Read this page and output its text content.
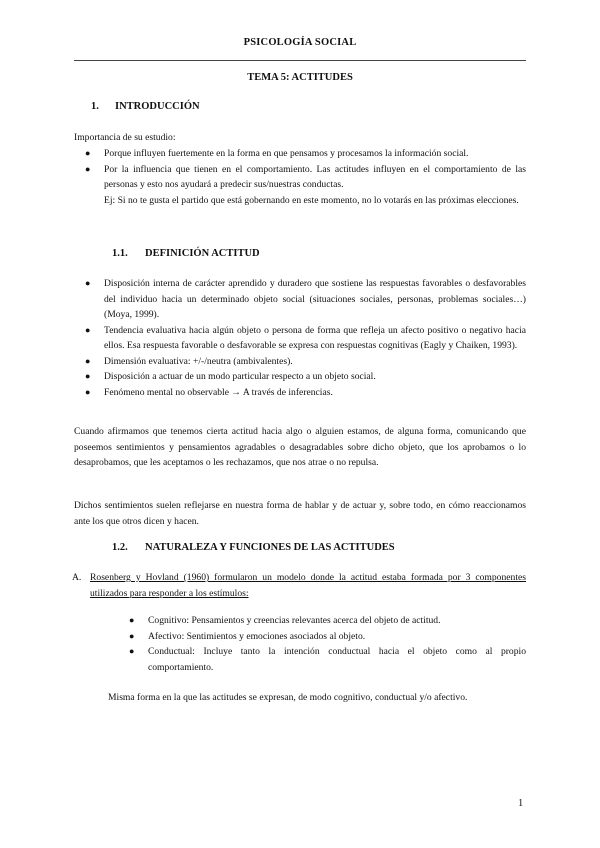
PSICOLOGÍA SOCIAL
TEMA 5: ACTITUDES
1. INTRODUCCIÓN

Importancia de su estudio:

● Porque influyen fuertemente en la forma en que pensamos y procesamos la información social.
● Por la influencia que tienen en el comportamiento. Las actitudes influyen en el comportamiento de las personas y esto nos ayudará a predecir sus/nuestras conductas.
Ej: Si no te gusta el partido que está gobernando en este momento, no lo votarás en las próximas elecciones.
1.1. DEFINICIÓN ACTITUD
● Disposición interna de carácter aprendido y duradero que sostiene las respuestas favorables o desfavorables del individuo hacia un determinado objeto social (situaciones sociales, personas, problemas sociales…) (Moya, 1999).
● Tendencia evaluativa hacia algún objeto o persona de forma que refleja un afecto positivo o negativo hacia ellos. Esa respuesta favorable o desfavorable se expresa con respuestas cognitivas (Eagly y Chaiken, 1993).
● Dimensión evaluativa: +/-/neutra (ambivalentes).
● Disposición a actuar de un modo particular respecto a un objeto social.
● Fenómeno mental no observable → A través de inferencias.

Cuando afirmamos que tenemos cierta actitud hacia algo o alguien estamos, de alguna forma, comunicando que poseemos sentimientos y pensamientos agradables o desagradables sobre dicho objeto, que los aprobamos o lo desaprobamos, que les aceptamos o les rechazamos, que nos atrae o no repulsa.

Dichos sentimientos suelen reflejarse en nuestra forma de hablar y de actuar y, sobre todo, en cómo reaccionamos ante los que otros dicen y hacen.

1.2. NATURALEZA Y FUNCIONES DE LAS ACTITUDES
A. Rosenberg y Hovland (1960) formularon un modelo donde la actitud estaba formada por 3 componentes utilizados para responder a los estímulos:
● Cognitivo: Pensamientos y creencias relevantes acerca del objeto de actitud.
● Afectivo: Sentimientos y emociones asociados al objeto.
● Conductual: Incluye tanto la intención conductual hacia el objeto como al propio comportamiento.

Misma forma en la que las actitudes se expresan, de modo cognitivo, conductual y/o afectivo.

1
